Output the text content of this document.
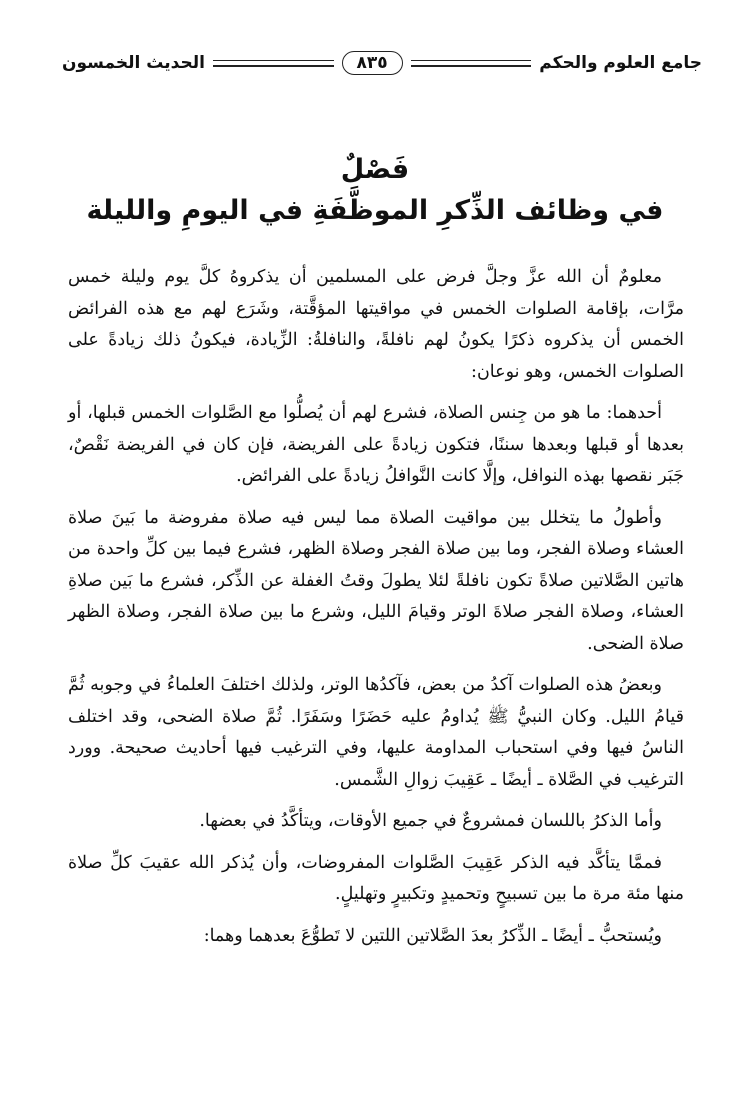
جامع العلوم والحكم
٨٣٥
الحديث الخمسون
فَصْلٌ
في وظائف الذِّكرِ الموظَّفَةِ في اليومِ والليلة

معلومٌ أن الله عزَّ وجلَّ فرض على المسلمين أن يذكروهُ كلَّ يوم وليلة خمس مرَّات، بإقامة الصلوات الخمس في مواقيتها المؤقَّتة، وشَرَع لهم مع هذه الفرائض الخمس أن يذكروه ذكرًا يكونُ لهم نافلةً، والنافلةُ: الزِّيادة، فيكونُ ذلك زيادةً على الصلوات الخمس، وهو نوعان:

أحدهما: ما هو من جِنس الصلاة، فشرع لهم أن يُصلُّوا مع الصَّلوات الخمس قبلها، أو بعدها أو قبلها وبعدها سننًا، فتكون زيادةً على الفريضة، فإن كان في الفريضة نَقْصٌ، جَبَر نقصها بهذه النوافل، وإلَّا كانت النَّوافلُ زيادةً على الفرائض.

وأطولُ ما يتخلل بين مواقيت الصلاة مما ليس فيه صلاة مفروضة ما بَينَ صلاة العشاء وصلاة الفجر، وما بين صلاة الفجر وصلاة الظهر، فشرع فيما بين كلِّ واحدة من هاتين الصَّلاتين صلاةً تكون نافلةً لئلا يطولَ وقتُ الغفلة عن الذِّكر، فشرع ما بَين صلاةِ العشاء، وصلاة الفجر صلاةَ الوتر وقيامَ الليل، وشرع ما بين صلاة الفجر، وصلاة الظهر صلاة الضحى.

وبعضُ هذه الصلوات آكدُ من بعض، فآكدُها الوتر، ولذلك اختلفَ العلماءُ في وجوبه ثُمَّ قيامُ الليل. وكان النبيُّ ﷺ يُداومُ عليه حَضَرًا وسَفَرًا. ثُمَّ صلاة الضحى، وقد اختلف الناسُ فيها وفي استحباب المداومة عليها، وفي الترغيب فيها أحاديث صحيحة. وورد الترغيب في الصَّلاة ـ أيضًا ـ عَقِيبَ زوالِ الشَّمس.

وأما الذكرُ باللسان فمشروعٌ في جميع الأوقات، ويتأكَّدُ في بعضها.

فممَّا يتأكَّد فيه الذكر عَقِيبَ الصَّلوات المفروضات، وأن يُذكر الله عقيبَ كلِّ صلاة منها مئة مرة ما بين تسبيحٍ وتحميدٍ وتكبيرٍ وتهليلٍ.

ويُستحبُّ ـ أيضًا ـ الذِّكرُ بعدَ الصَّلاتين اللتين لا تَطوُّعَ بعدهما وهما:
